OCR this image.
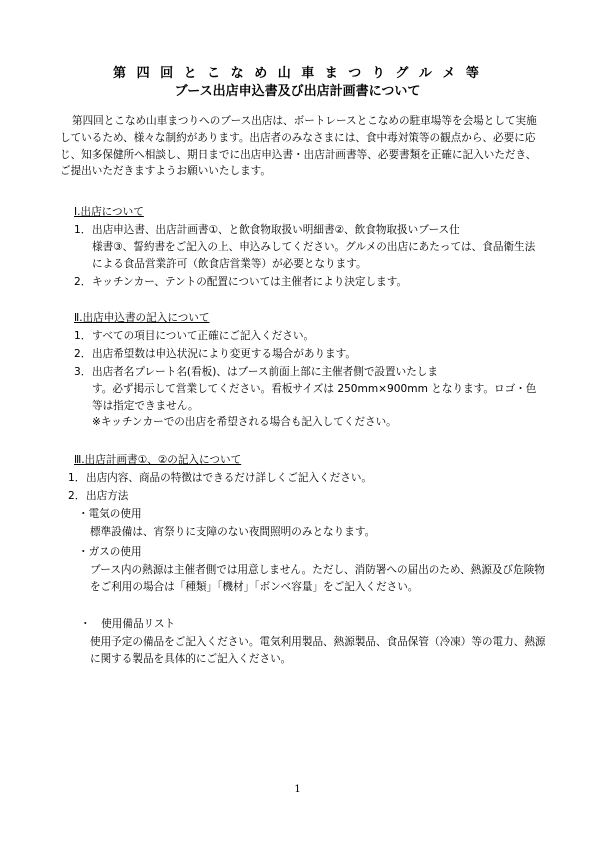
第 四 回 と こ な め 山 車 ま つ り グ ル メ 等
ブース出店申込書及び出店計画書について

第四回とこなめ山車まつりへのブース出店は、ボートレースとこなめの駐車場等を会場として実施しているため、様々な制約があります。出店者のみなさまには、食中毒対策等の観点から、必要に応じ、知多保健所へ相談し、期日までに出店申込書・出店計画書等、必要書類を正確に記入いただき、ご提出いただきますようお願いいたします。

Ⅰ.出店について

1．出店申込書、出店計画書①、と飲食物取扱い明細書②、飲食物取扱いブース仕
様書③、誓約書をご記入の上、申込みしてください。グルメの出店にあたっては、食品衛生法による食品営業許可（飲食店営業等）が必要となります。

2．キッチンカー、テントの配置については主催者により決定します。

Ⅱ.出店申込書の記入について

1．すべての項目について正確にご記入ください。

2．出店希望数は申込状況により変更する場合があります。

3．出店者名プレート名(看板)、はブース前面上部に主催者側で設置いたしま
す。必ず掲示して営業してください。看板サイズは 250mm×900mm となります。ロゴ・色等は指定できません。
※キッチンカーでの出店を希望される場合も記入してください。

Ⅲ.出店計画書①、②の記入について

1．出店内容、商品の特徴はできるだけ詳しくご記入ください。

2．出店方法

・電気の使用

標準設備は、宵祭りに支障のない夜間照明のみとなります。

・ガスの使用

ブース内の熱源は主催者側では用意しません。ただし、消防署への届出のため、熱源及び危険物をご利用の場合は「種類」「機材」「ボンベ容量」をご記入ください。

・　使用備品リスト

使用予定の備品をご記入ください。電気利用製品、熱源製品、食品保管（冷凍）等の電力、熱源に関する製品を具体的にご記入ください。

1
